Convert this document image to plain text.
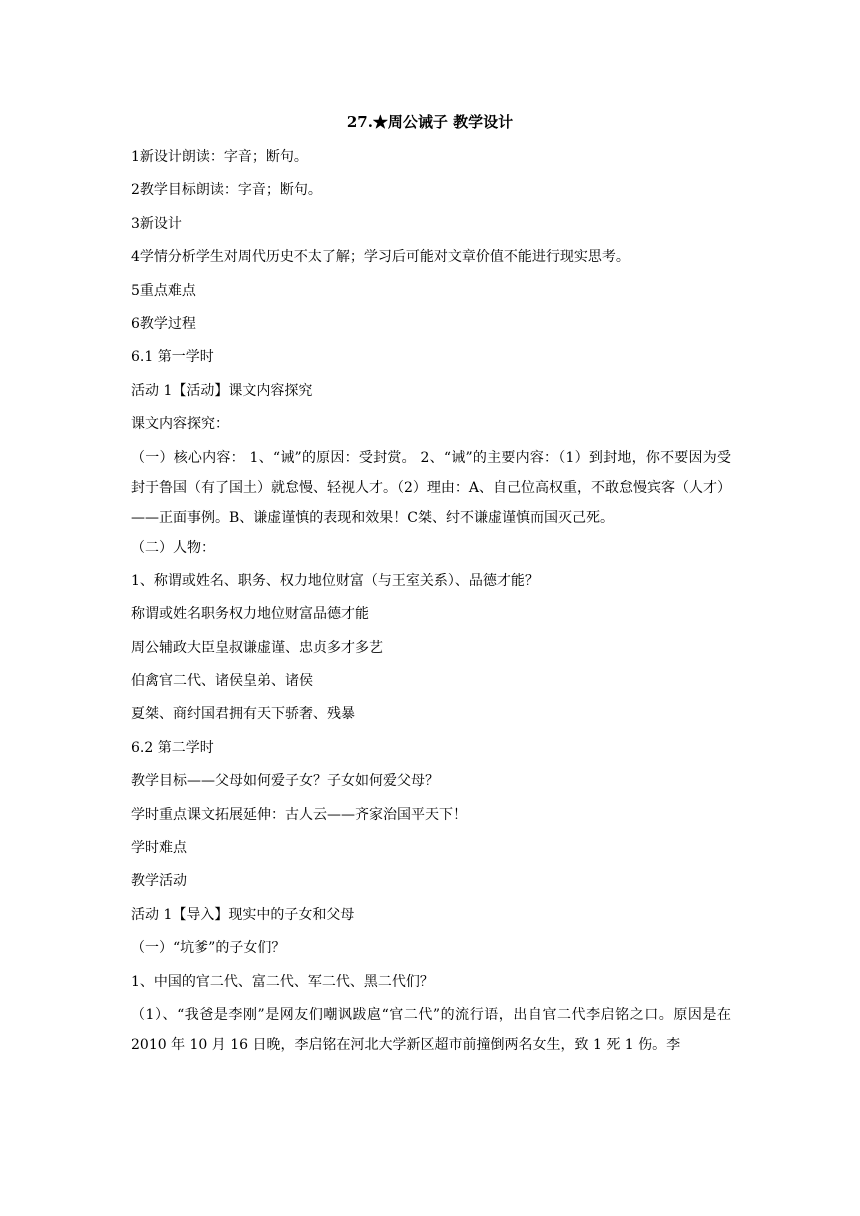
27.★周公诫子 教学设计

1新设计朗读：字音；断句。

2教学目标朗读：字音；断句。

3新设计

4学情分析学生对周代历史不太了解；学习后可能对文章价值不能进行现实思考。

5重点难点

6教学过程

6.1 第一学时

活动 1【活动】课文内容探究

课文内容探究：

（一）核心内容： 1、“诫”的原因：受封赏。 2、“诫”的主要内容：（1）到封地，你不要因为受封于鲁国（有了国土）就怠慢、轻视人才。（2）理由：A、自己位高权重，不敢怠慢宾客（人才）——正面事例。B、谦虚谨慎的表现和效果！C桀、纣不谦虚谨慎而国灭己死。

（二）人物：

1、称谓或姓名、职务、权力地位财富（与王室关系）、品德才能？

称谓或姓名职务权力地位财富品德才能

周公辅政大臣皇叔谦虚谨、忠贞多才多艺

伯禽官二代、诸侯皇弟、诸侯

夏桀、商纣国君拥有天下骄奢、残暴

6.2 第二学时

教学目标——父母如何爱子女？子女如何爱父母？

学时重点课文拓展延伸：古人云——齐家治国平天下！

学时难点

教学活动

活动 1【导入】现实中的子女和父母

（一）“坑爹”的子女们？

1、中国的官二代、富二代、军二代、黑二代们？

（1）、“我爸是李刚”是网友们嘲讽跋扈“官二代”的流行语，出自官二代李启铭之口。原因是在 2010 年 10 月 16 日晚，李启铭在河北大学新区超市前撞倒两名女生，致 1 死 1 伤。李
